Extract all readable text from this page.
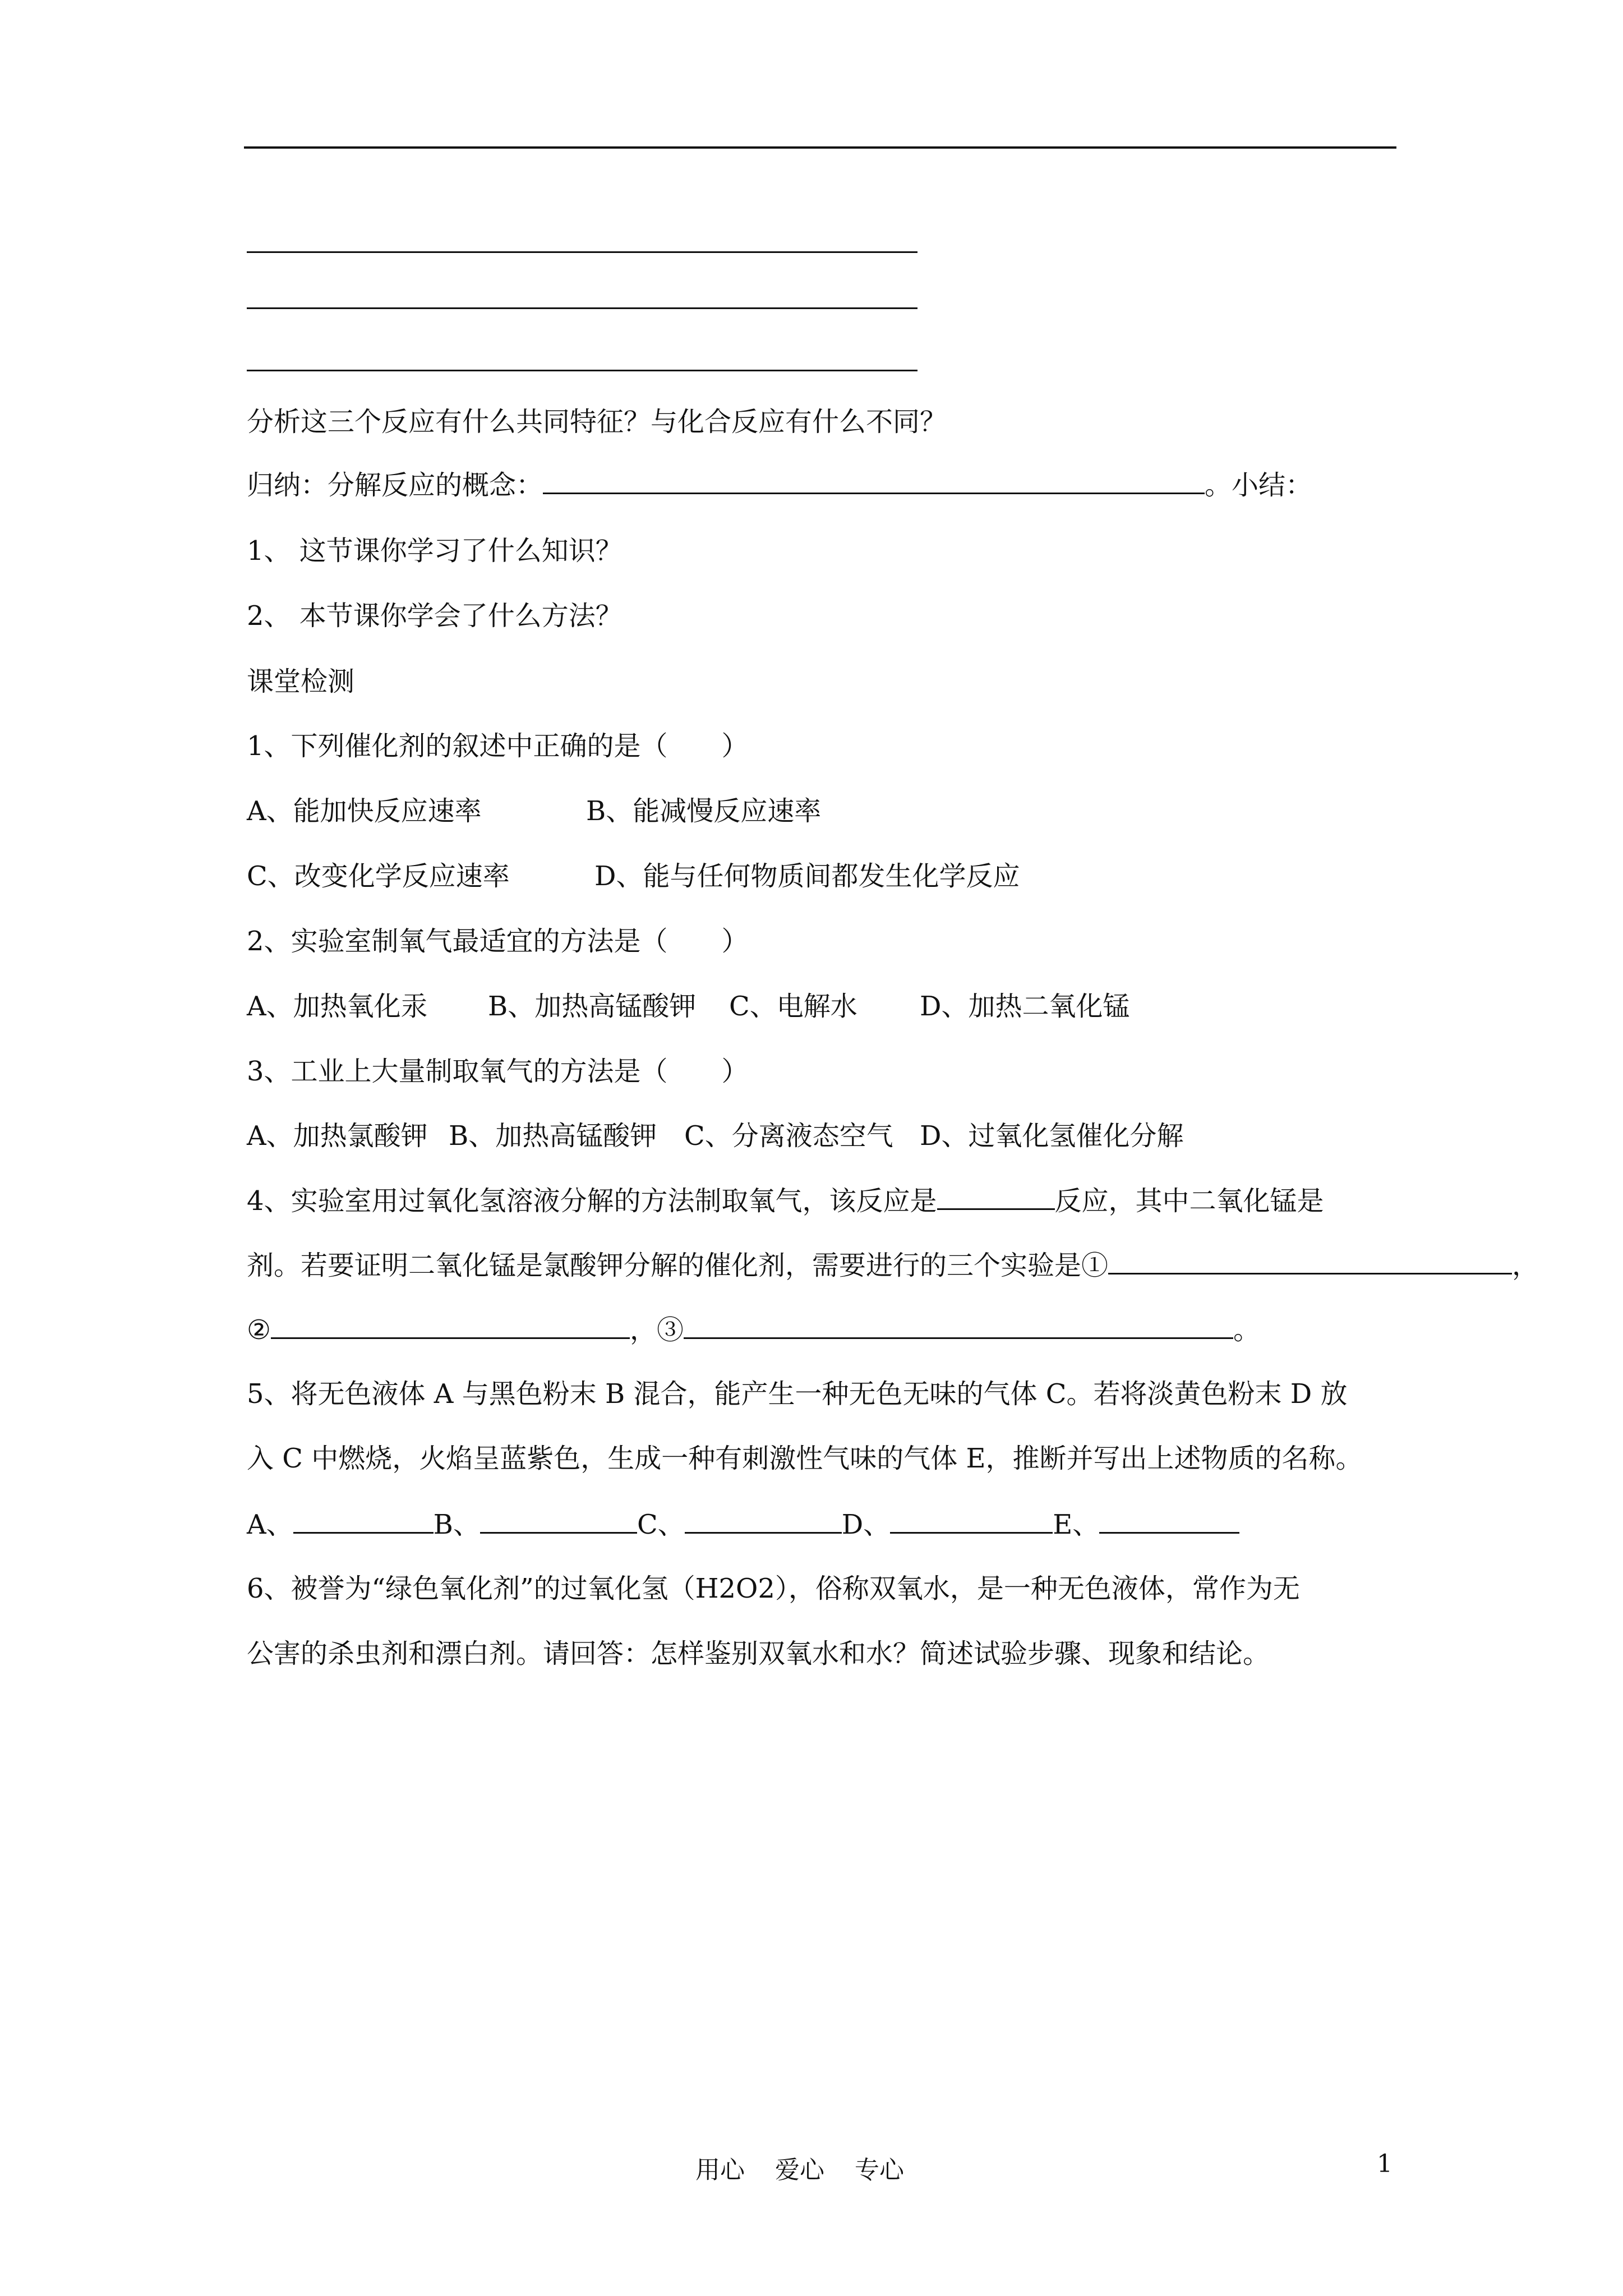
分析这三个反应有什么共同特征？与化合反应有什么不同？
归纳：分解反应的概念：	。小结：
1、 这节课你学习了什么知识？
2、 本节课你学会了什么方法？
课堂检测
1、下列催化剂的叙述中正确的是（　　）
A、能加快反应速率	B、能减慢反应速率
C、改变化学反应速率	D、能与任何物质间都发生化学反应
2、实验室制氧气最适宜的方法是（　　）
A、加热氧化汞 B、加热高锰酸钾 C、电解水 D、加热二氧化锰
3、工业上大量制取氧气的方法是（　　）
A、加热氯酸钾 B、加热高锰酸钾 C、分离液态空气 D、过氧化氢催化分解
4、实验室用过氧化氢溶液分解的方法制取氧气，该反应是	反应，其中二氧化锰是
剂。若要证明二氧化锰是氯酸钾分解的催化剂，需要进行的三个实验是①	，
②	，③	。
5、将无色液体 A 与黑色粉末 B 混合，能产生一种无色无味的气体 C。若将淡黄色粉末 D 放
入 C 中燃烧，火焰呈蓝紫色，生成一种有刺激性气味的气体 E，推断并写出上述物质的名称。
A、	B、	C、	D、	E、
6、被誉为“绿色氧化剂”的过氧化氢（H2O2），俗称双氧水，是一种无色液体，常作为无
公害的杀虫剂和漂白剂。请回答：怎样鉴别双氧水和水？简述试验步骤、现象和结论。
用心 爱心 专心	1
